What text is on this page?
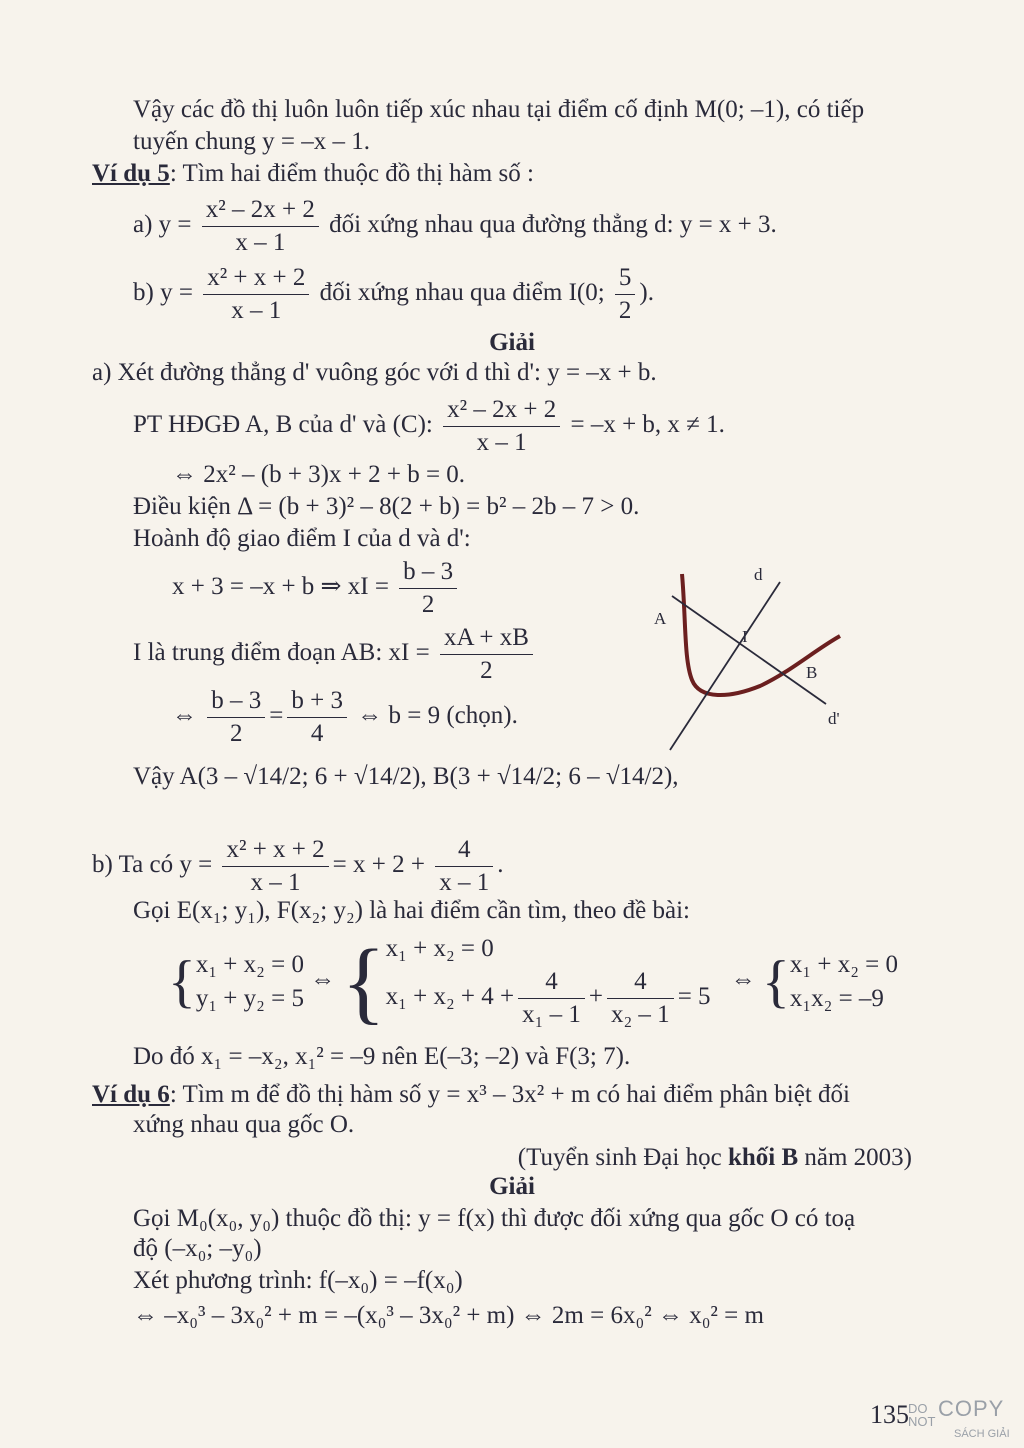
Vậy các đồ thị luôn luôn tiếp xúc nhau tại điểm cố định M(0; –1), có tiếp
tuyến chung y = –x – 1.
Ví dụ 5: Tìm hai điểm thuộc đồ thị hàm số :
a) $y = \frac{\text{x² – 2x + 2}}{x - 1}$ đối xứng nhau qua đường thẳng d: y = x + 3.
b) $y = \frac{\text{x² + x + 2}}{x - 1}$ đối xứng nhau qua điểm I(0; $\frac{5}{2}$ ).
Giải
a) Xét đường thẳng d' vuông góc với d thì d': y = –x + b.
PT HĐGĐ A, B của d' và (C): $\frac{\text{x² – 2x + 2}}{x - 1} = -x + b$, x ≠ 1.
⇔ 2x² – (b + 3)x + 2 + b = 0.
Điều kiện Δ = (b + 3)² – 8(2 + b) = b² – 2b – 7 > 0.
Hoành độ giao điểm I của d và d':
x + 3 = –x + b ⇒ xI = $\frac{b - 3}{2}$
I là trung điểm đoạn AB: xI = $\frac{xA + xB}{2}$
⇔ $\frac{b - 3}{2} = \frac{b + 3}{4}$ ⇔ b = 9 (chọn).
Vậy A(3 – √14/2; 6 + √14/2), B(3 + √14/2; 6 – √14/2),
b) Ta có $y = \frac{\text{x² + x + 2}}{x - 1} = x + 2 + \frac{4}{x - 1}$ .
Gọi E(x₁; y₁), F(x₂; y₂) là hai điểm cần tìm, theo đề bài:
{ x₁ + x₂ = 0
y₁ + y₂ = 5
⇔ { x₁ + x₂ = 0
$x_1 + x_2 + 4 + \frac{4}{\text{x₁ – 1}} + \frac{4}{\text{x₂ – 1}} = 5$
⇔ { x₁ + x₂ = 0
x₁x₂ = –9
Do đó x₁ = –x₂, x₁² = –9 nên E(–3; –2) và F(3; 7).
Ví dụ 6: Tìm m để đồ thị hàm số y = x³ – 3x² + m có hai điểm phân biệt đối
xứng nhau qua gốc O.
(Tuyển sinh Đại học khối B năm 2003)
Giải
Gọi M₀(x₀, y₀) thuộc đồ thị: y = f(x) thì được đối xứng qua gốc O có toạ
độ (–x₀; –y₀)
Xét phương trình: f(–x₀) = –f(x₀)
⇔ –x₀³ – 3x₀² + m = –(x₀³ – 3x₀² + m) ⇔ 2m = 6x₀² ⇔ x₀² = m
d
A
I
B
d'
135 DO
NOT
COPY
SÁCH GIẢI
